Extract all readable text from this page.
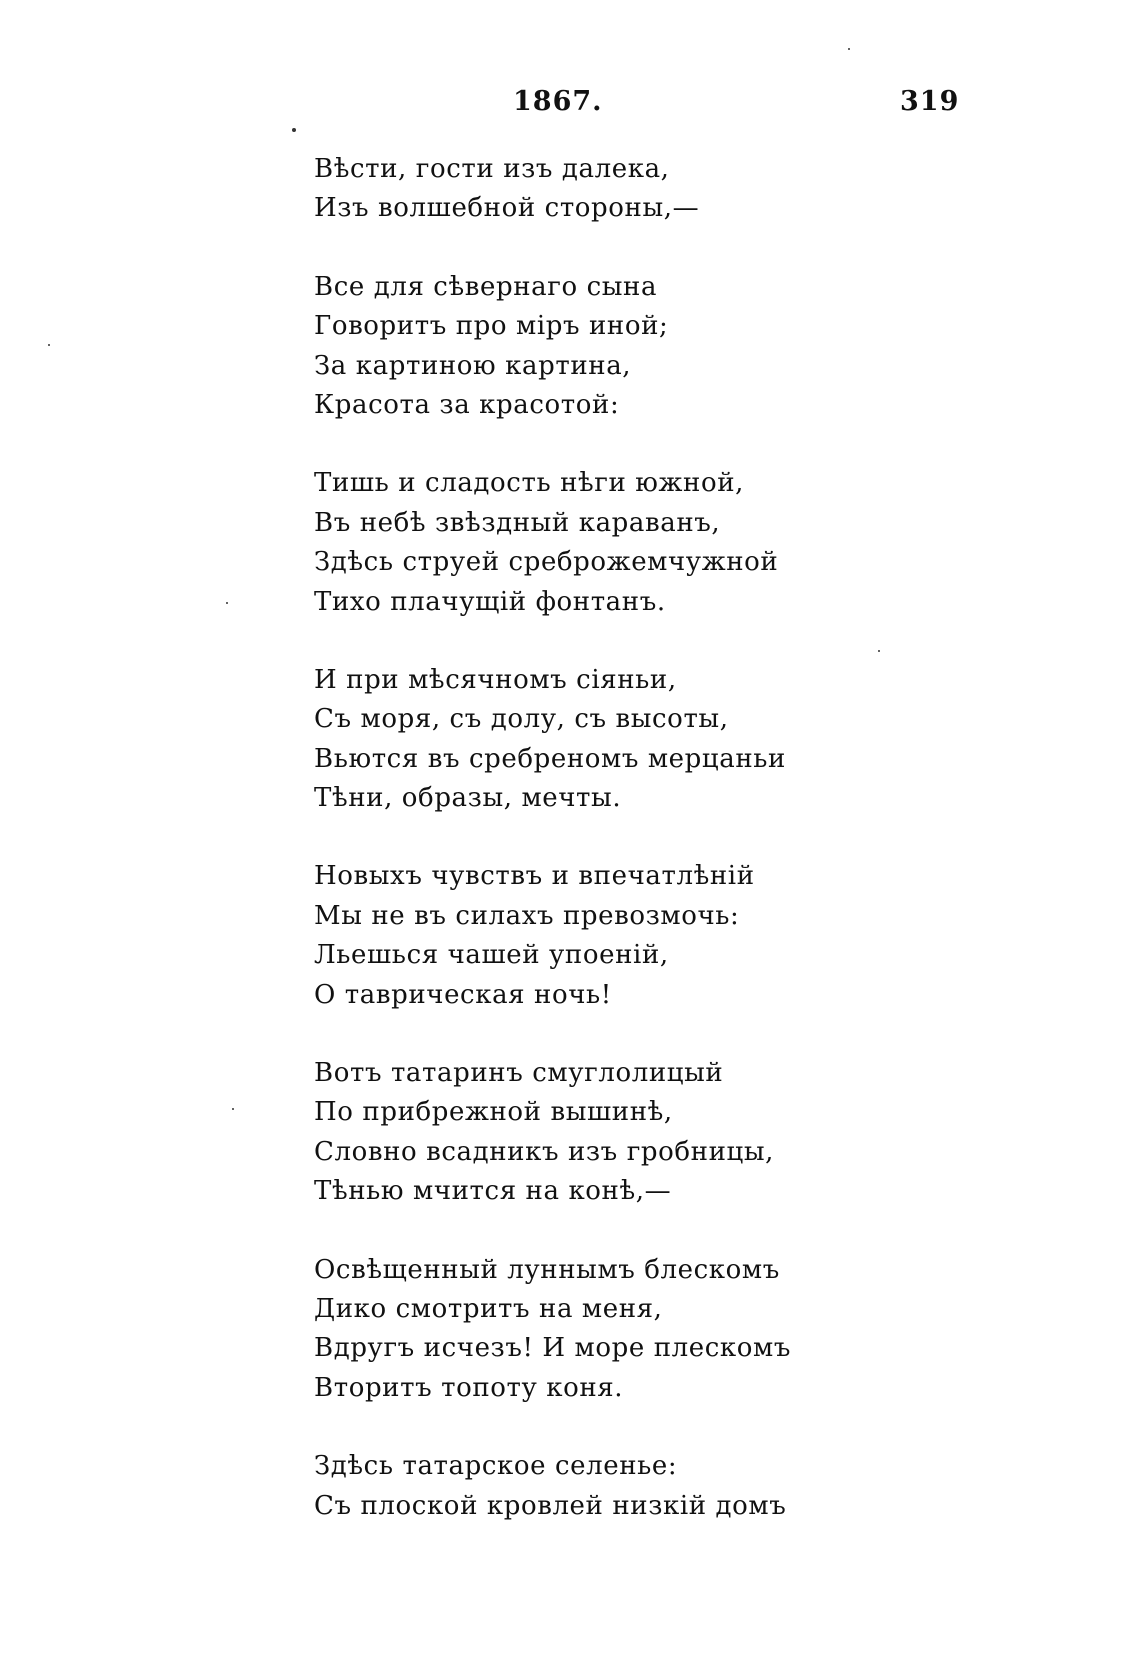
1867.	319
Вѣсти, гости изъ далека,
Изъ волшебной стороны,—
Все для сѣвернаго сына
Говоритъ про міръ иной;
За картиною картина,
Красота за красотой:
Тишь и сладость нѣги южной,
Въ небѣ звѣздный караванъ,
Здѣсь струей среброжемчужной
Тихо плачущій фонтанъ.
И при мѣсячномъ сіяньи,
Съ моря, съ долу, съ высоты,
Вьются въ сребреномъ мерцаньи
Тѣни, образы, мечты.
Новыхъ чувствъ и впечатлѣній
Мы не въ силахъ превозмочь:
Льешься чашей упоеній,
О таврическая ночь!
Вотъ татаринъ смуглолицый
По прибрежной вышинѣ,
Словно всадникъ изъ гробницы,
Тѣнью мчится на конѣ,—
Освѣщенный луннымъ блескомъ
Дико смотритъ на меня,
Вдругъ исчезъ! И море плескомъ
Вторитъ топоту коня.
Здѣсь татарское селенье:
Съ плоской кровлей низкій домъ
